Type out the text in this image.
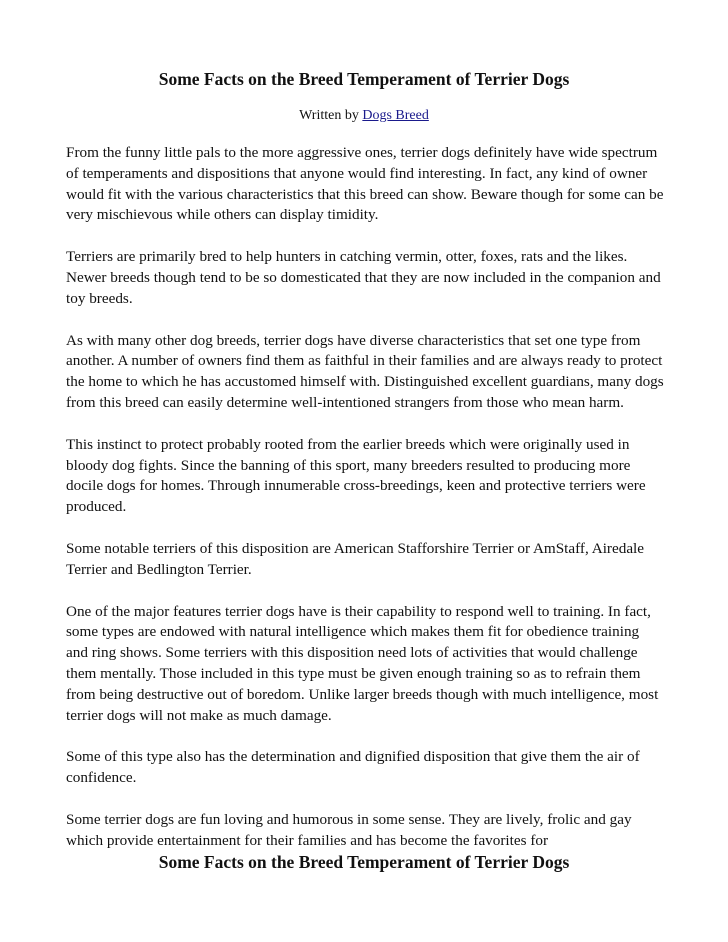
Some Facts on the Breed Temperament of Terrier Dogs
Written by Dogs Breed

From the funny little pals to the more aggressive ones, terrier dogs definitely have wide spectrum of temperaments and dispositions that anyone would find interesting. In fact, any kind of owner would fit with the various characteristics that this breed can show. Beware though for some can be very mischievous while others can display timidity.

Terriers are primarily bred to help hunters in catching vermin, otter, foxes, rats and the likes. Newer breeds though tend to be so domesticated that they are now included in the companion and toy breeds.

As with many other dog breeds, terrier dogs have diverse characteristics that set one type from another. A number of owners find them as faithful in their families and are always ready to protect the home to which he has accustomed himself with. Distinguished excellent guardians, many dogs from this breed can easily determine well-intentioned strangers from those who mean harm.

This instinct to protect probably rooted from the earlier breeds which were originally used in bloody dog fights. Since the banning of this sport, many breeders resulted to producing more docile dogs for homes. Through innumerable cross-breedings, keen and protective terriers were produced.

Some notable terriers of this disposition are American Stafforshire Terrier or AmStaff, Airedale Terrier and Bedlington Terrier.

One of the major features terrier dogs have is their capability to respond well to training. In fact, some types are endowed with natural intelligence which makes them fit for obedience training and ring shows. Some terriers with this disposition need lots of activities that would challenge them mentally. Those included in this type must be given enough training so as to refrain them from being destructive out of boredom. Unlike larger breeds though with much intelligence, most terrier dogs will not make as much damage.

Some of this type also has the determination and dignified disposition that give them the air of confidence.

Some terrier dogs are fun loving and humorous in some sense. They are lively, frolic and gay which provide entertainment for their families and has become the favorites for

Some Facts on the Breed Temperament of Terrier Dogs
